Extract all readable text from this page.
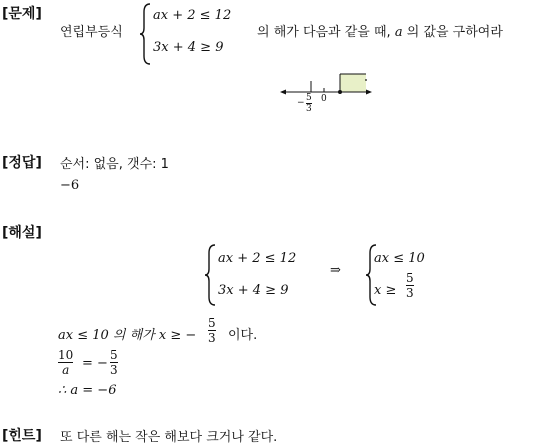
[문제]
연립부등식
ax + 2 ≤ 12
3x + 4 ≥ 9
의 해가 다음과 같을 때, a 의 값을 구하여라
− 5
3
0
[정답] 순서: 없음, 갯수: 1
−6
[해설]
ax + 2 ≤ 12
3x + 4 ≥ 9
⇒
ax ≤ 10
x ≥
5
3
ax ≤ 10 의 해가 x ≥ −
5
3 이다.
10
a = −
5
3
∴ a = −6
[힌트] 또 다른 해는 작은 해보다 크거나 같다.
